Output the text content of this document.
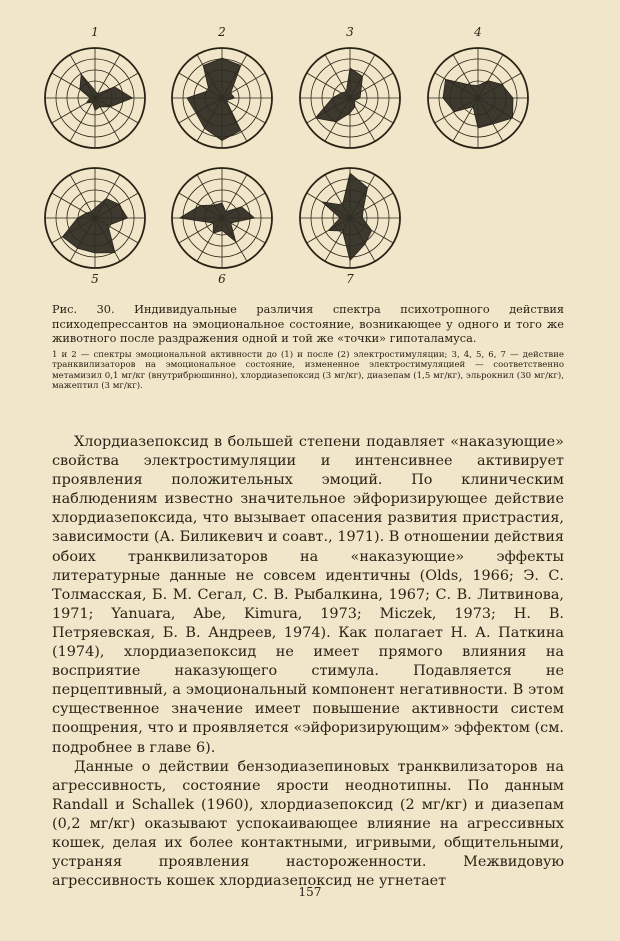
1	2	3	4
5	6	7
Рис. 30. Индивидуальные различия спектра психотропного действия психодепрессантов на эмоциональное состояние, возникающее у одного и того же животного после раздражения одной и той же «точки» гипоталамуса.
1 и 2 — спектры эмоциональной активности до (1) и после (2) электростимуляции; 3, 4, 5, 6, 7 — действие транквилизаторов на эмоциональное состояние, измененное электростимуляцией — соответственно метамизил 0,1 мг/кг (внутрибрюшинно), хлордиазепоксид (3 мг/кг), диазепам (1,5 мг/кг), эльрокнил (30 мг/кг), мажептил (3 мг/кг).

Хлордиазепоксид в большей степени подавляет «наказующие» свойства электростимуляции и интенсивнее активирует проявления положительных эмоций. По клиническим наблюдениям известно значительное эйфоризирующее действие хлордиазепоксида, что вызывает опасения развития пристрастия, зависимости (А. Биликевич и соавт., 1971). В отношении действия обоих транквилизаторов на «наказующие» эффекты литературные данные не совсем идентичны (Olds, 1966; Э. С. Толмасская, Б. М. Сегал, С. В. Рыбалкина, 1967; С. В. Литвинова, 1971; Yanuara, Abe, Kimura, 1973; Miczek, 1973; Н. В. Петряевская, Б. В. Андреев, 1974). Как полагает Н. А. Паткина (1974), хлордиазепоксид не имеет прямого влияния на восприятие наказующего стимула. Подавляется не перцептивный, а эмоциональный компонент негативности. В этом существенное значение имеет повышение активности систем поощрения, что и проявляется «эйфоризирующим» эффектом (см. подробнее в главе 6).

Данные о действии бензодиазепиновых транквилизаторов на агрессивность, состояние ярости неоднотипны. По данным Randall и Schallek (1960), хлордиазепоксид (2 мг/кг) и диазепам (0,2 мг/кг) оказывают успокаивающее влияние на агрессивных кошек, делая их более контактными, игривыми, общительными, устраняя проявления настороженности. Межвидовую агрессивность кошек хлордиазепоксид не угнетает

157
